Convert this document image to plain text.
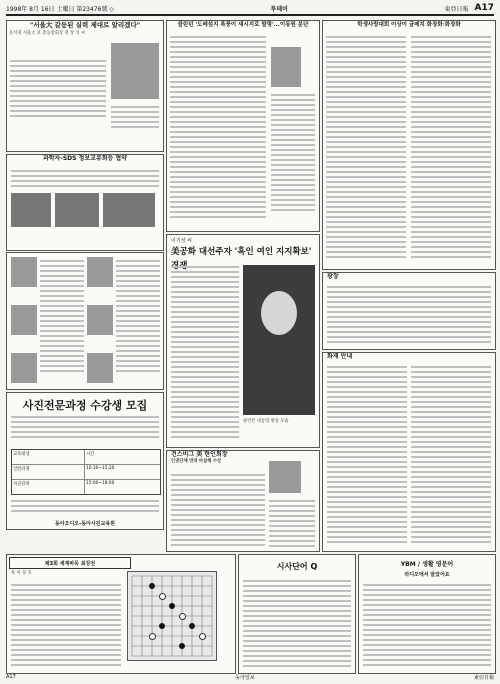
1998年 8月 16日 土曜日 第23476號 ◇	투데이	東亞日報 A17
"서울大 갈등된 실력 제대로 알리겠다"
동석경 서울大 보 총동창회장 경 창 석 씨
과학자-SDS 정보교류회등 협약
사진전문과정 수강생 모집
교육대상	시간
일반과정	10:30~15:20
사진강좌	15:00~18:00
동아오디오-동아사진교육원
클린턴 '도레섬지 폭풍이 섀시지로 발령'...이동원 분단
이기성 씨
美공화 대선주자 '흑인 여인 지지확보'
클린턴 대통령 방송 모습
건스비그 美 한인회장
인권단체 연대 마설해 수상
학생사랑대회 이상이 금메치 화장화·화장화
광장
화재 안내
제3회 세계바둑 최강전
흑 이 창 호
시사단어 Q	YBM / 생활 영문어
라디오에서 알았어요
A17	동아일보	東亞日報
